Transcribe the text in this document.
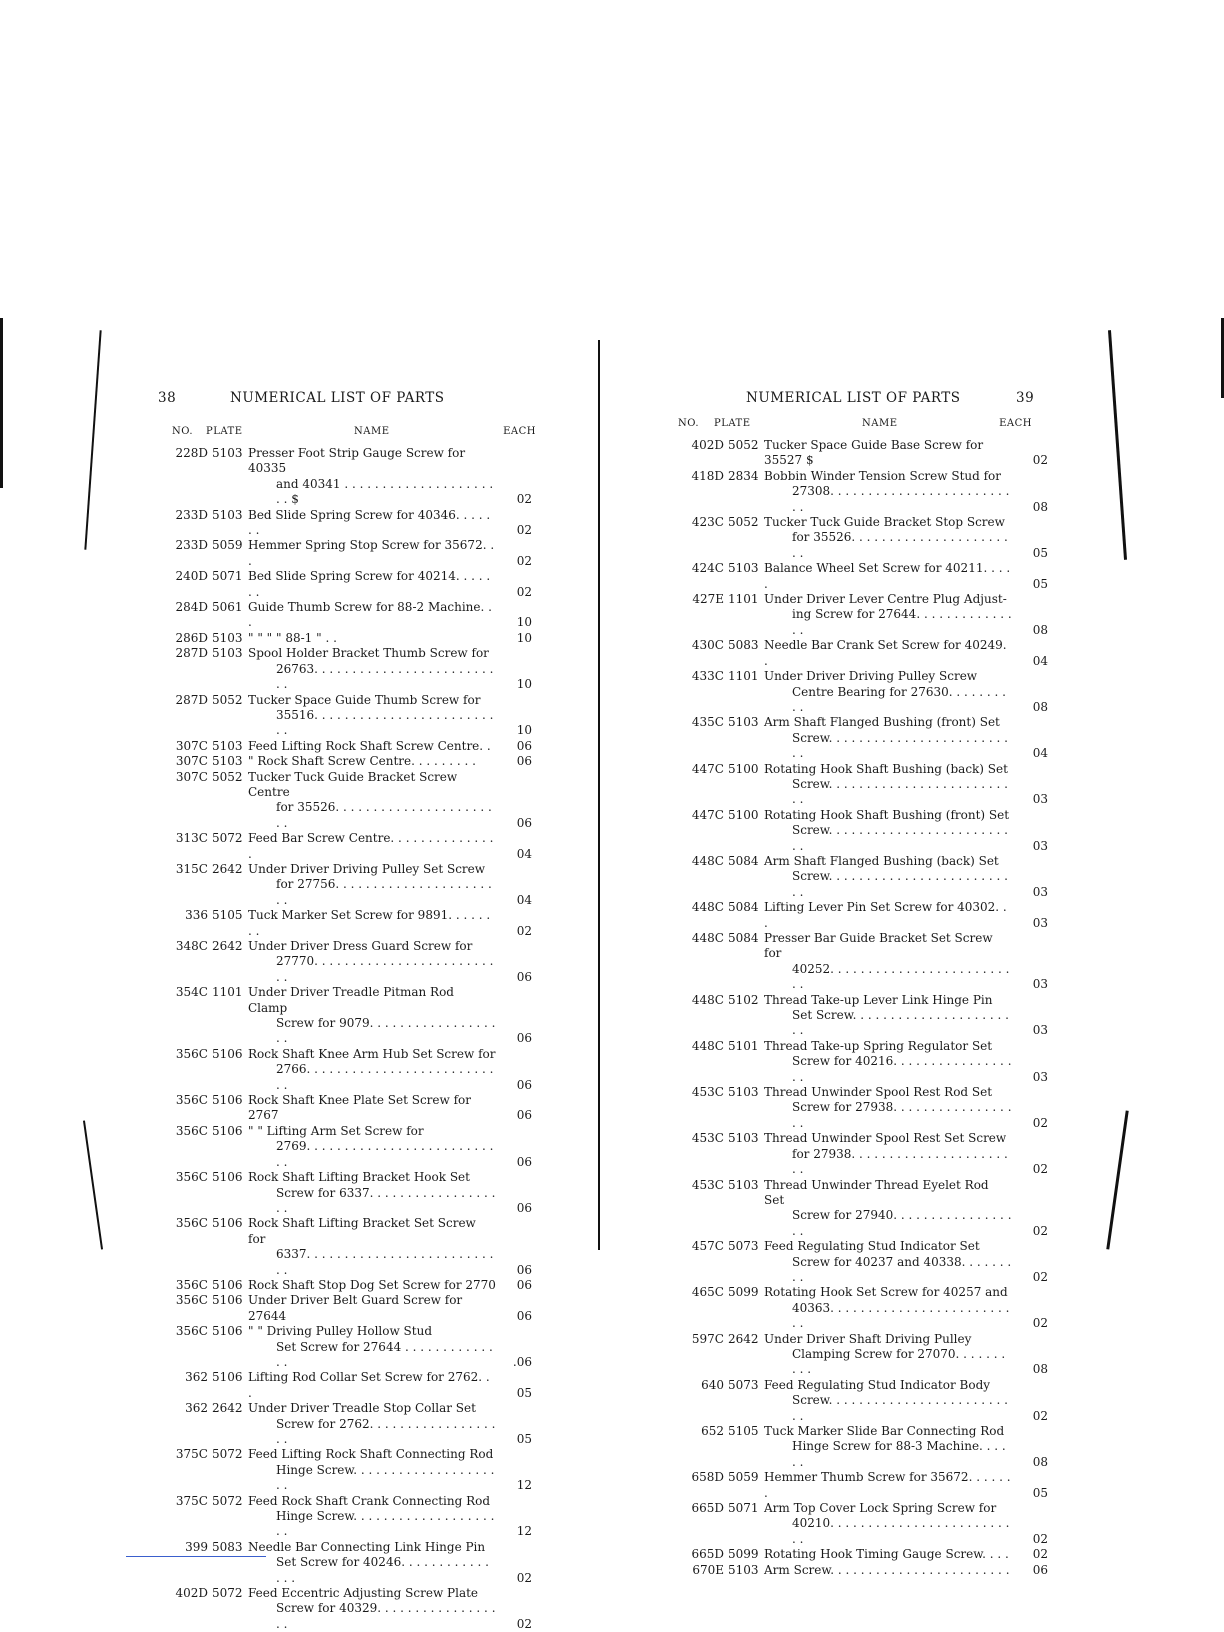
38	NUMERICAL LIST OF PARTS
NO. PLATE	NAME	EACH
228D 5103 Presser Foot Strip Gauge Screw for 40335
and 40341 . . . . . . . . . . . . . . . . . . . . . . $	02
233D 5103 Bed Slide Spring Screw for 40346. . . . . . .	02
233D 5059 Hemmer Spring Stop Screw for 35672. . .	02
240D 5071 Bed Slide Spring Screw for 40214. . . . . . .	02
284D 5061 Guide Thumb Screw for 88-2 Machine. . .	10
286D 5103 " " " " 88-1 " . .	10
287D 5103 Spool Holder Bracket Thumb Screw for
26763. . . . . . . . . . . . . . . . . . . . . . . . . .	10
287D 5052 Tucker Space Guide Thumb Screw for
35516. . . . . . . . . . . . . . . . . . . . . . . . . .	10
307C 5103 Feed Lifting Rock Shaft Screw Centre. .	06
307C 5103 " Rock Shaft Screw Centre. . . . . . . . .	06
307C 5052 Tucker Tuck Guide Bracket Screw Centre
for 35526. . . . . . . . . . . . . . . . . . . . . . .	06
313C 5072 Feed Bar Screw Centre. . . . . . . . . . . . . . .	04
315C 2642 Under Driver Driving Pulley Set Screw
for 27756. . . . . . . . . . . . . . . . . . . . . . .	04
336 5105 Tuck Marker Set Screw for 9891. . . . . . . .	02
348C 2642 Under Driver Dress Guard Screw for
27770. . . . . . . . . . . . . . . . . . . . . . . . . .	06
354C 1101 Under Driver Treadle Pitman Rod Clamp
Screw for 9079. . . . . . . . . . . . . . . . . . .	06
356C 5106 Rock Shaft Knee Arm Hub Set Screw for
2766. . . . . . . . . . . . . . . . . . . . . . . . . . .	06
356C 5106 Rock Shaft Knee Plate Set Screw for 2767	06
356C 5106 " " Lifting Arm Set Screw for
2769. . . . . . . . . . . . . . . . . . . . . . . . . . .	06
356C 5106 Rock Shaft Lifting Bracket Hook Set
Screw for 6337. . . . . . . . . . . . . . . . . . .	06
356C 5106 Rock Shaft Lifting Bracket Set Screw for
6337. . . . . . . . . . . . . . . . . . . . . . . . . . .	06
356C 5106 Rock Shaft Stop Dog Set Screw for 2770	06
356C 5106 Under Driver Belt Guard Screw for 27644	06
356C 5106 " " Driving Pulley Hollow Stud
Set Screw for 27644 . . . . . . . . . . . . . .	.06
362 5106 Lifting Rod Collar Set Screw for 2762. . .	05
362 2642 Under Driver Treadle Stop Collar Set
Screw for 2762. . . . . . . . . . . . . . . . . . .	05
375C 5072 Feed Lifting Rock Shaft Connecting Rod
Hinge Screw. . . . . . . . . . . . . . . . . . . . .	12
375C 5072 Feed Rock Shaft Crank Connecting Rod
Hinge Screw. . . . . . . . . . . . . . . . . . . . .	12
399 5083 Needle Bar Connecting Link Hinge Pin
Set Screw for 40246. . . . . . . . . . . . . . .	02
402D 5072 Feed Eccentric Adjusting Screw Plate
Screw for 40329. . . . . . . . . . . . . . . . . .	02
NUMERICAL LIST OF PARTS	39
NO. PLATE	NAME	EACH
402D 5052 Tucker Space Guide Base Screw for 35527 $	02
418D 2834 Bobbin Winder Tension Screw Stud for
27308. . . . . . . . . . . . . . . . . . . . . . . . . .	08
423C 5052 Tucker Tuck Guide Bracket Stop Screw
for 35526. . . . . . . . . . . . . . . . . . . . . . .	05
424C 5103 Balance Wheel Set Screw for 40211. . . . .	05
427E 1101 Under Driver Lever Centre Plug Adjust-
ing Screw for 27644. . . . . . . . . . . . . . .	08
430C 5083 Needle Bar Crank Set Screw for 40249. .	04
433C 1101 Under Driver Driving Pulley Screw
Centre Bearing for 27630. . . . . . . . . .	08
435C 5103 Arm Shaft Flanged Bushing (front) Set
Screw. . . . . . . . . . . . . . . . . . . . . . . . . .	04
447C 5100 Rotating Hook Shaft Bushing (back) Set
Screw. . . . . . . . . . . . . . . . . . . . . . . . . .	03
447C 5100 Rotating Hook Shaft Bushing (front) Set
Screw. . . . . . . . . . . . . . . . . . . . . . . . . .	03
448C 5084 Arm Shaft Flanged Bushing (back) Set
Screw. . . . . . . . . . . . . . . . . . . . . . . . . .	03
448C 5084 Lifting Lever Pin Set Screw for 40302. . .	03
448C 5084 Presser Bar Guide Bracket Set Screw for
40252. . . . . . . . . . . . . . . . . . . . . . . . . .	03
448C 5102 Thread Take-up Lever Link Hinge Pin
Set Screw. . . . . . . . . . . . . . . . . . . . . . .	03
448C 5101 Thread Take-up Spring Regulator Set
Screw for 40216. . . . . . . . . . . . . . . . . .	03
453C 5103 Thread Unwinder Spool Rest Rod Set
Screw for 27938. . . . . . . . . . . . . . . . . .	02
453C 5103 Thread Unwinder Spool Rest Set Screw
for 27938. . . . . . . . . . . . . . . . . . . . . . .	02
453C 5103 Thread Unwinder Thread Eyelet Rod Set
Screw for 27940. . . . . . . . . . . . . . . . . .	02
457C 5073 Feed Regulating Stud Indicator Set
Screw for 40237 and 40338. . . . . . . . .	02
465C 5099 Rotating Hook Set Screw for 40257 and
40363. . . . . . . . . . . . . . . . . . . . . . . . . .	02
597C 2642 Under Driver Shaft Driving Pulley
Clamping Screw for 27070. . . . . . . . . .	08
640 5073 Feed Regulating Stud Indicator Body
Screw. . . . . . . . . . . . . . . . . . . . . . . . . .	02
652 5105 Tuck Marker Slide Bar Connecting Rod
Hinge Screw for 88-3 Machine. . . . . .	08
658D 5059 Hemmer Thumb Screw for 35672. . . . . . .	05
665D 5071 Arm Top Cover Lock Spring Screw for
40210. . . . . . . . . . . . . . . . . . . . . . . . . .	02
665D 5099 Rotating Hook Timing Gauge Screw. . . .	02
670E 5103 Arm Screw. . . . . . . . . . . . . . . . . . . . . . . .	06
